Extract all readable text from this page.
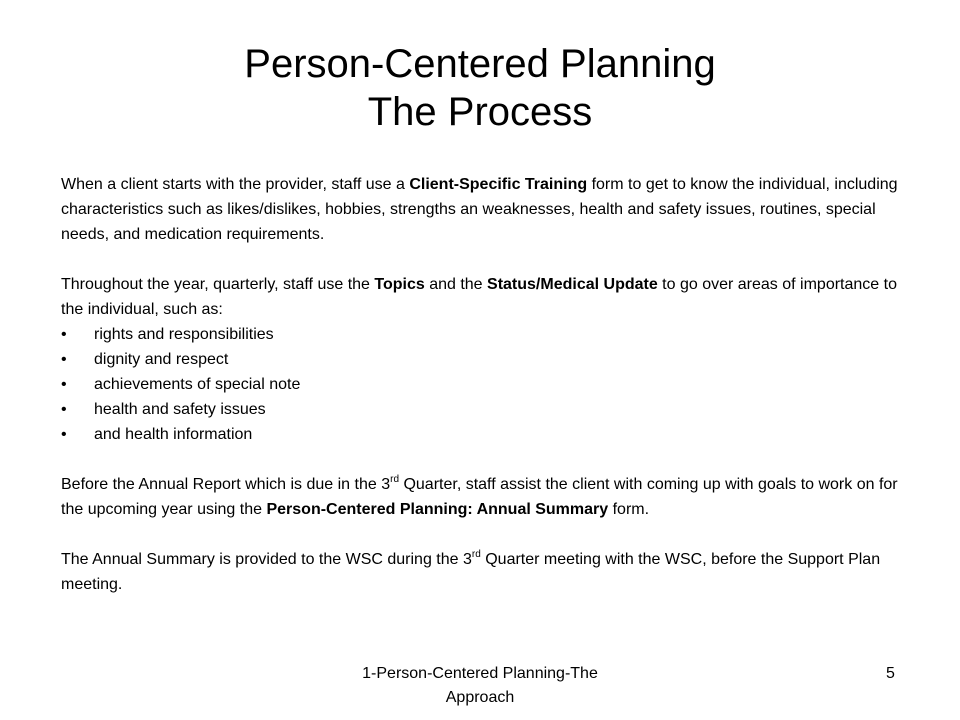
Person-Centered Planning
The Process

When a client starts with the provider, staff use a Client-Specific Training form to get to know the individual, including characteristics such as likes/dislikes, hobbies, strengths an weaknesses, health and safety issues, routines, special needs, and medication requirements.

Throughout the year, quarterly, staff use the Topics and the Status/Medical Update to go over areas of importance to the individual, such as:

• rights and responsibilities
• dignity and respect
• achievements of special note
• health and safety issues
• and health information

Before the Annual Report which is due in the 3rd Quarter, staff assist the client with coming up with goals to work on for the upcoming year using the Person-Centered Planning: Annual Summary form.

The Annual Summary is provided to the WSC during the 3rd Quarter meeting with the WSC, before the Support Plan meeting.

1-Person-Centered Planning-The Approach
5
